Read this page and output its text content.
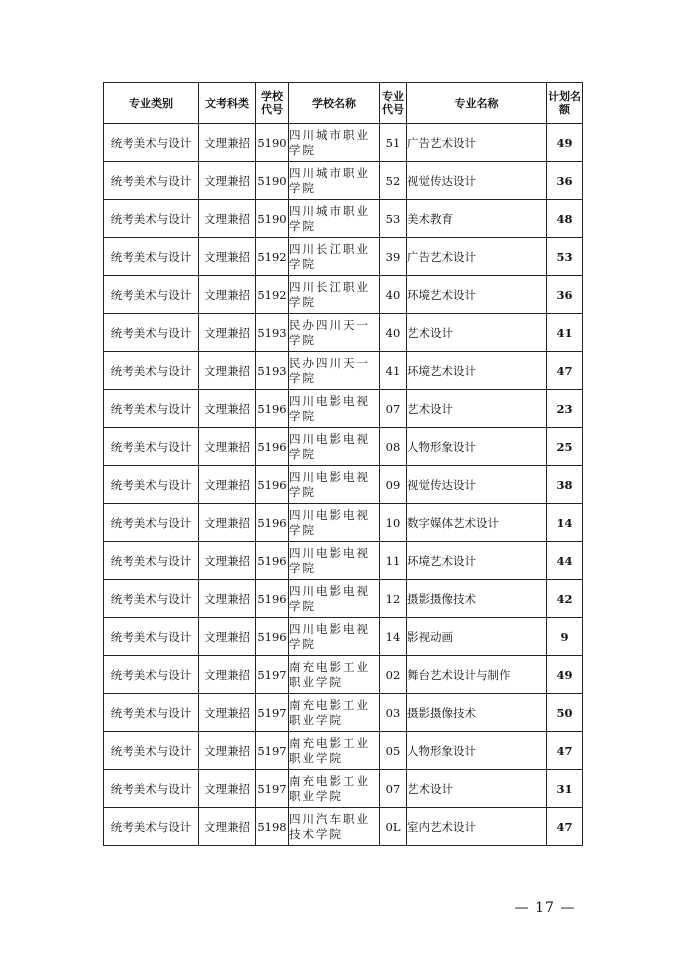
专业类别	文考科类	学校代号	学校名称	专业代号	专业名称	计划名额
统考美术与设计	文理兼招	5190	四川城市职业学院	51	广告艺术设计	49
统考美术与设计	文理兼招	5190	四川城市职业学院	52	视觉传达设计	36
统考美术与设计	文理兼招	5190	四川城市职业学院	53	美术教育	48
统考美术与设计	文理兼招	5192	四川长江职业学院	39	广告艺术设计	53
统考美术与设计	文理兼招	5192	四川长江职业学院	40	环境艺术设计	36
统考美术与设计	文理兼招	5193	民办四川天一学院	40	艺术设计	41
统考美术与设计	文理兼招	5193	民办四川天一学院	41	环境艺术设计	47
统考美术与设计	文理兼招	5196	四川电影电视学院	07	艺术设计	23
统考美术与设计	文理兼招	5196	四川电影电视学院	08	人物形象设计	25
统考美术与设计	文理兼招	5196	四川电影电视学院	09	视觉传达设计	38
统考美术与设计	文理兼招	5196	四川电影电视学院	10	数字媒体艺术设计	14
统考美术与设计	文理兼招	5196	四川电影电视学院	11	环境艺术设计	44
统考美术与设计	文理兼招	5196	四川电影电视学院	12	摄影摄像技术	42
统考美术与设计	文理兼招	5196	四川电影电视学院	14	影视动画	9
统考美术与设计	文理兼招	5197	南充电影工业职业学院	02	舞台艺术设计与制作	49
统考美术与设计	文理兼招	5197	南充电影工业职业学院	03	摄影摄像技术	50
统考美术与设计	文理兼招	5197	南充电影工业职业学院	05	人物形象设计	47
统考美术与设计	文理兼招	5197	南充电影工业职业学院	07	艺术设计	31
统考美术与设计	文理兼招	5198	四川汽车职业技术学院	0L	室内艺术设计	47
— 17 —
